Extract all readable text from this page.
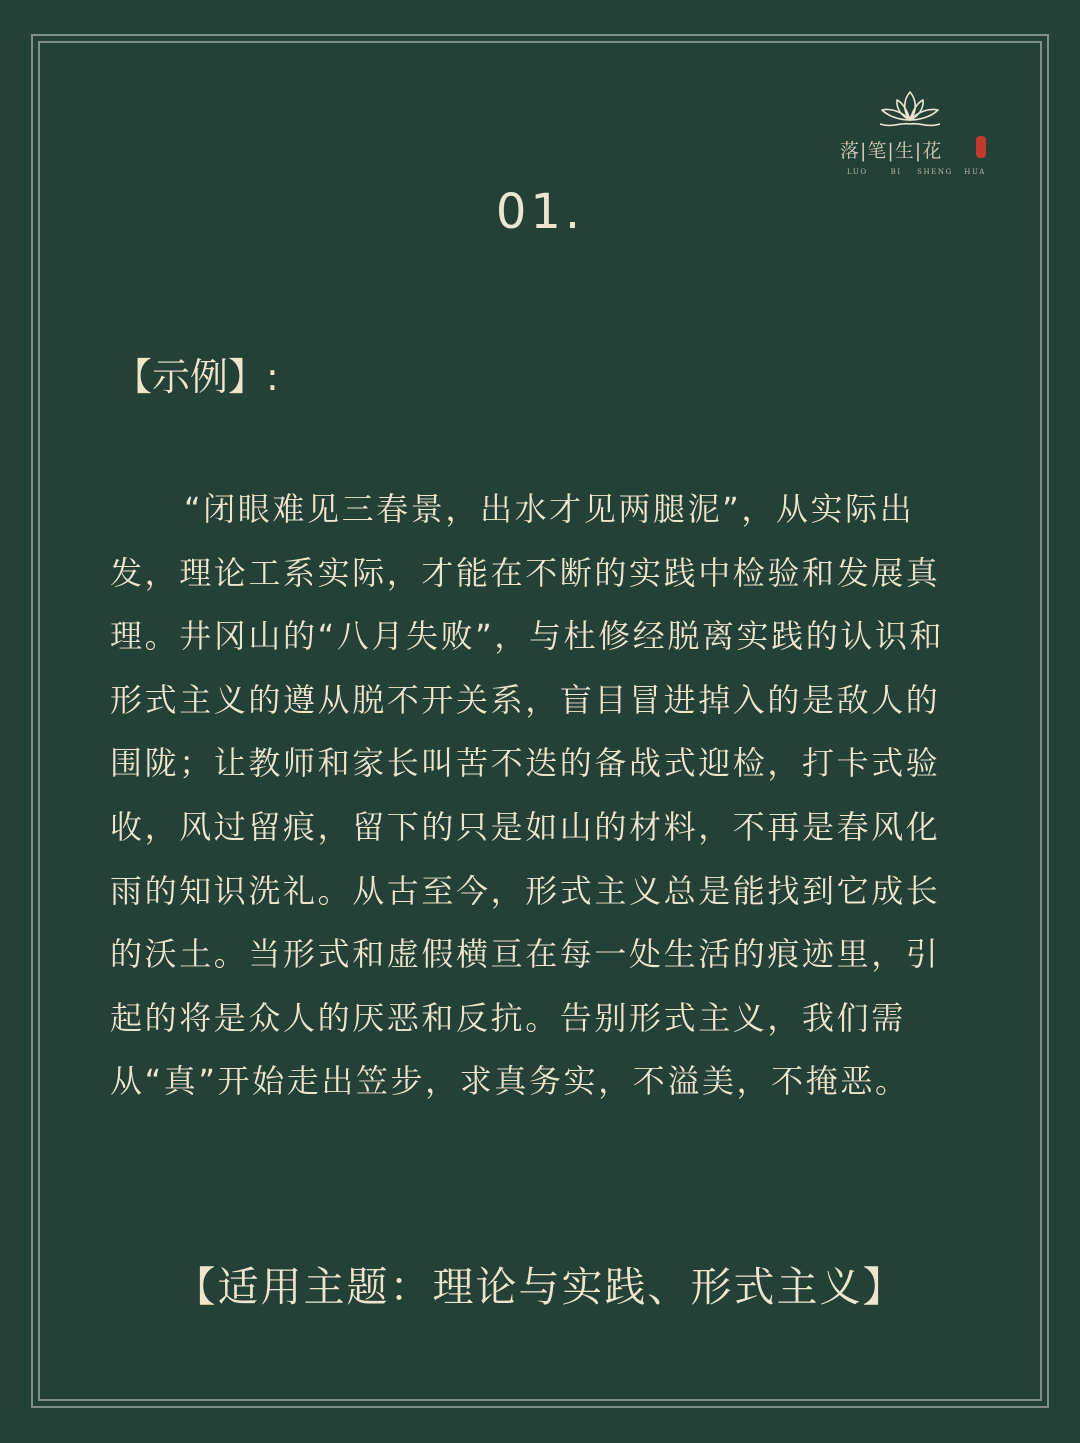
落|笔|生|花
LUO      BI    SHENG   HUA
01.
【示例】:

“闭眼难见三春景，出水才见两腿泥”，从实际出发，理论工系实际，才能在不断的实践中检验和发展真理。井冈山的“八月失败”，与杜修经脱离实践的认识和形式主义的遵从脱不开关系，盲目冒进掉入的是敌人的围陇；让教师和家长叫苦不迭的备战式迎检，打卡式验收，风过留痕，留下的只是如山的材料，不再是春风化雨的知识洗礼。从古至今，形式主义总是能找到它成长的沃土。当形式和虚假横亘在每一处生活的痕迹里，引起的将是众人的厌恶和反抗。告别形式主义，我们需从“真”开始走出笠步，求真务实，不溢美，不掩恶。

【适用主题：理论与实践、形式主义】
